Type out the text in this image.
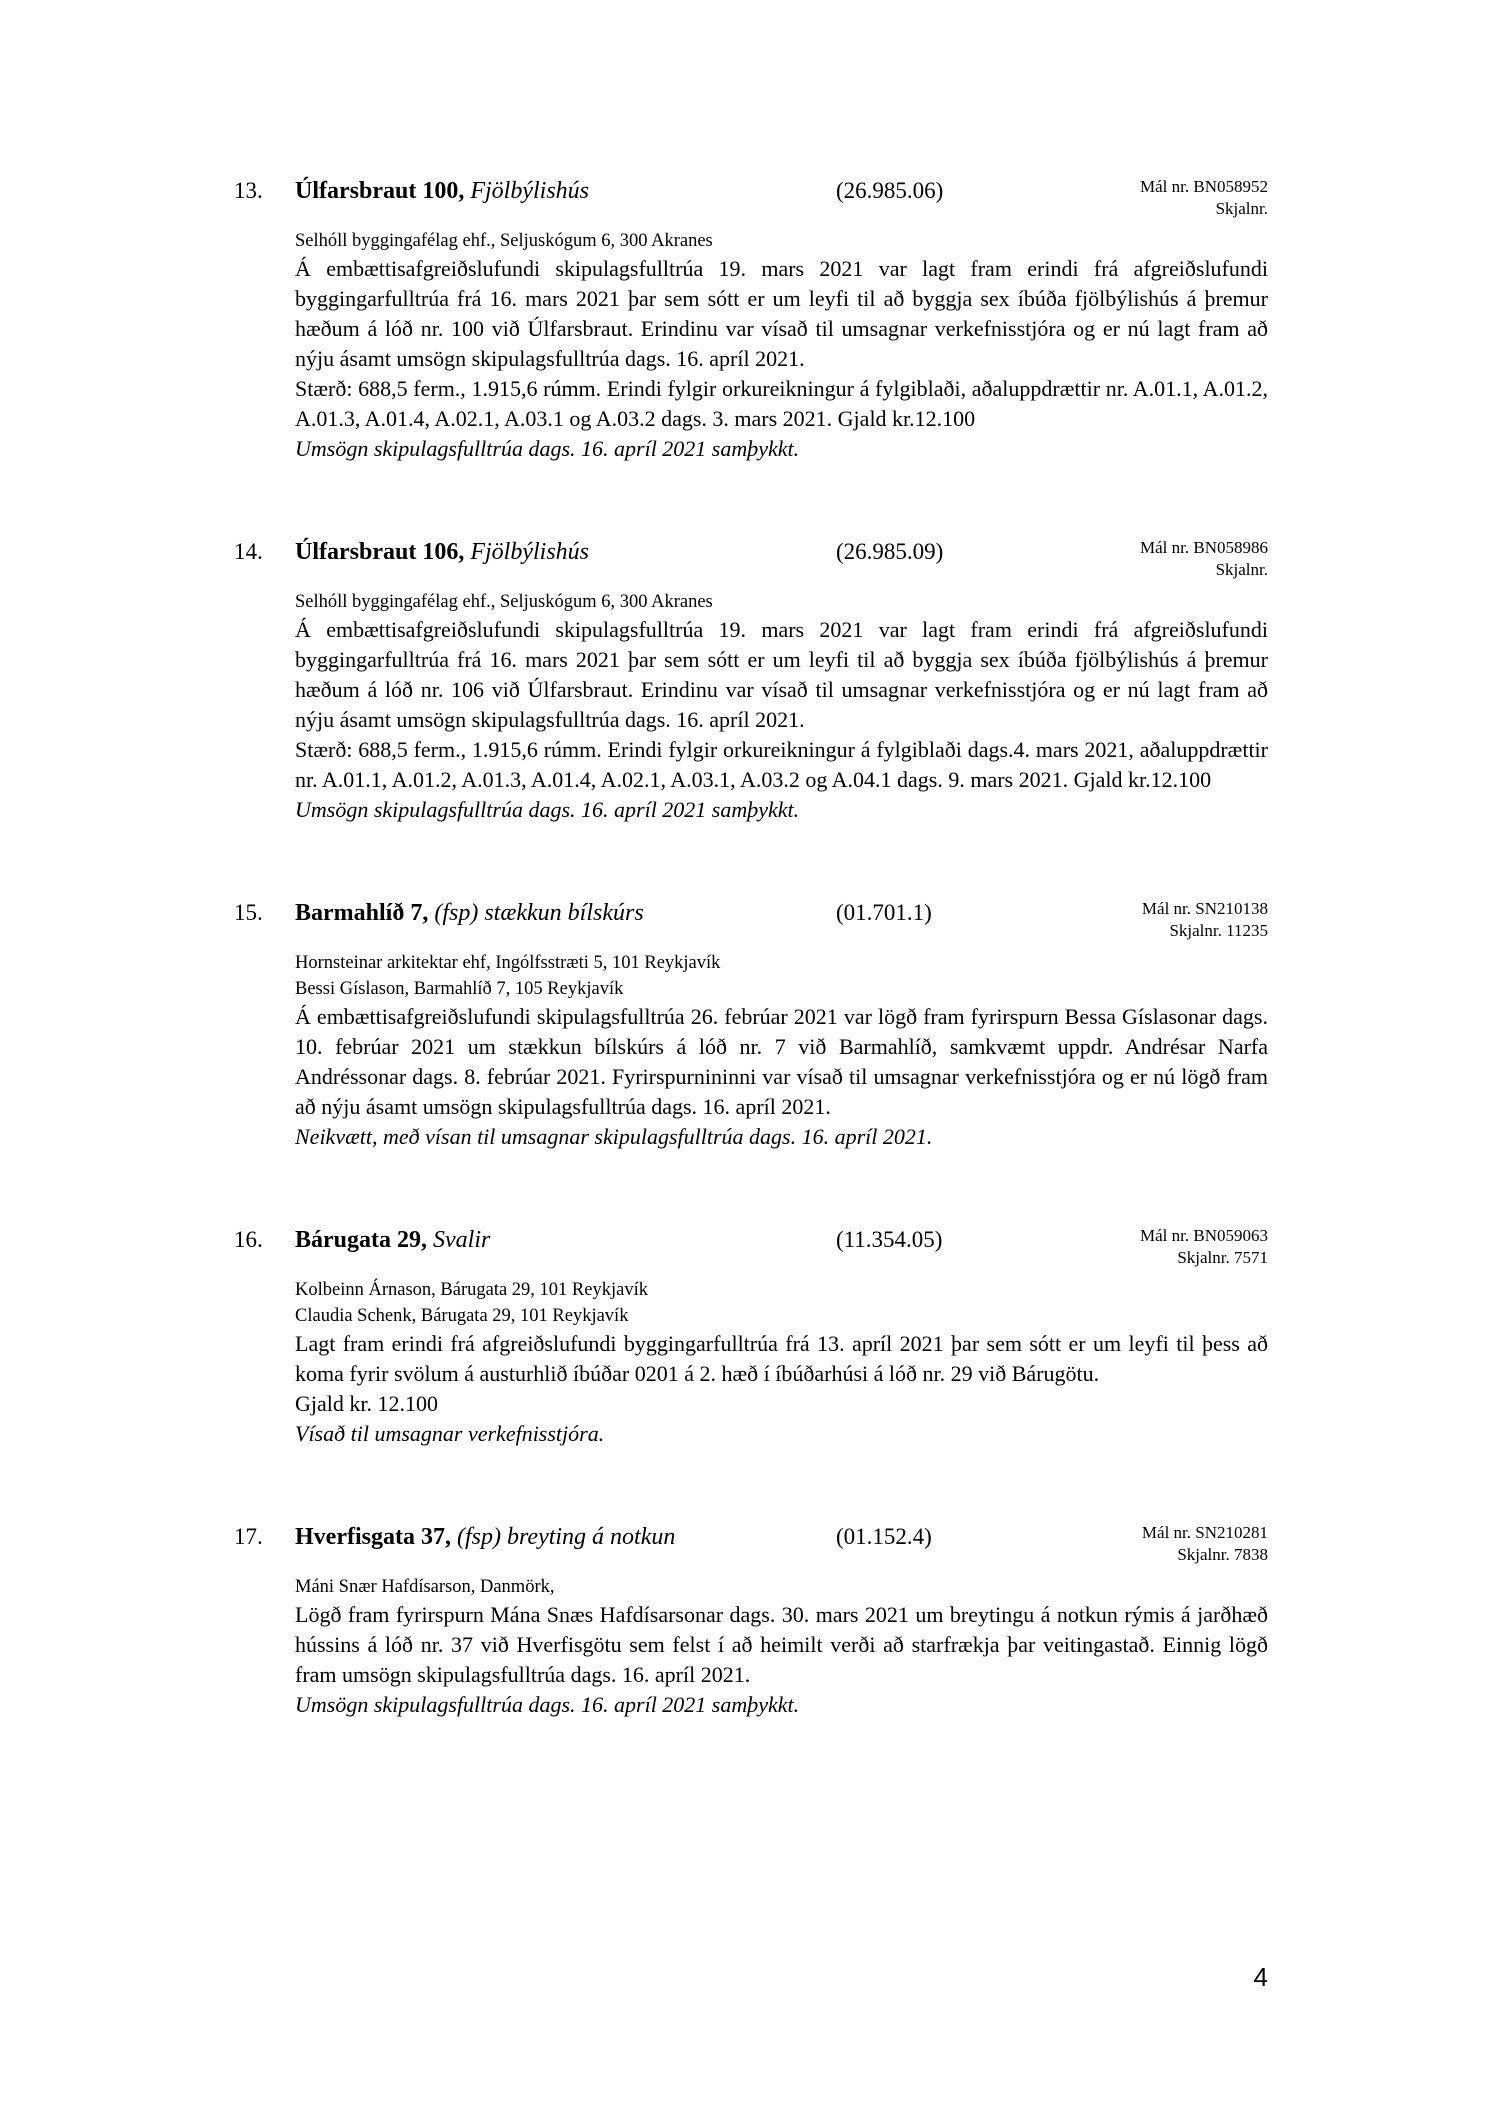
13. Úlfarsbraut 100, Fjölbýlishús	(26.985.06)	Mál nr. BN058952
Skjalnr.
Selhóll byggingafélag ehf., Seljuskógum 6, 300 Akranes

Á embættisafgreiðslufundi skipulagsfulltrúa 19. mars 2021 var lagt fram erindi frá afgreiðslufundi byggingarfulltrúa frá 16. mars 2021 þar sem sótt er um leyfi til að byggja sex íbúða fjölbýlishús á þremur hæðum á lóð nr. 100 við Úlfarsbraut. Erindinu var vísað til umsagnar verkefnisstjóra og er nú lagt fram að nýju ásamt umsögn skipulagsfulltrúa dags. 16. apríl 2021.

Stærð: 688,5 ferm., 1.915,6 rúmm. Erindi fylgir orkureikningur á fylgiblaði, aðaluppdrættir nr. A.01.1, A.01.2, A.01.3, A.01.4, A.02.1, A.03.1 og A.03.2 dags. 3. mars 2021. Gjald kr.12.100

Umsögn skipulagsfulltrúa dags. 16. apríl 2021 samþykkt.

14. Úlfarsbraut 106, Fjölbýlishús	(26.985.09)	Mál nr. BN058986
Skjalnr.
Selhóll byggingafélag ehf., Seljuskógum 6, 300 Akranes

Á embættisafgreiðslufundi skipulagsfulltrúa 19. mars 2021 var lagt fram erindi frá afgreiðslufundi byggingarfulltrúa frá 16. mars 2021 þar sem sótt er um leyfi til að byggja sex íbúða fjölbýlishús á þremur hæðum á lóð nr. 106 við Úlfarsbraut. Erindinu var vísað til umsagnar verkefnisstjóra og er nú lagt fram að nýju ásamt umsögn skipulagsfulltrúa dags. 16. apríl 2021.

Stærð: 688,5 ferm., 1.915,6 rúmm. Erindi fylgir orkureikningur á fylgiblaði dags.4. mars 2021, aðaluppdrættir nr. A.01.1, A.01.2, A.01.3, A.01.4, A.02.1, A.03.1, A.03.2 og A.04.1 dags. 9. mars 2021. Gjald kr.12.100

Umsögn skipulagsfulltrúa dags. 16. apríl 2021 samþykkt.

15. Barmahlíð 7, (fsp) stækkun bílskúrs	(01.701.1)	Mál nr. SN210138
Skjalnr. 11235
Hornsteinar arkitektar ehf, Ingólfsstræti 5, 101 Reykjavík
Bessi Gíslason, Barmahlíð 7, 105 Reykjavík

Á embættisafgreiðslufundi skipulagsfulltrúa 26. febrúar 2021 var lögð fram fyrirspurn Bessa Gíslasonar dags. 10. febrúar 2021 um stækkun bílskúrs á lóð nr. 7 við Barmahlíð, samkvæmt uppdr. Andrésar Narfa Andréssonar dags. 8. febrúar 2021. Fyrirspurnininni var vísað til umsagnar verkefnisstjóra og er nú lögð fram að nýju ásamt umsögn skipulagsfulltrúa dags. 16. apríl 2021.

Neikvætt, með vísan til umsagnar skipulagsfulltrúa dags. 16. apríl 2021.

16. Bárugata 29, Svalir	(11.354.05)	Mál nr. BN059063
Skjalnr. 7571
Kolbeinn Árnason, Bárugata 29, 101 Reykjavík
Claudia Schenk, Bárugata 29, 101 Reykjavík

Lagt fram erindi frá afgreiðslufundi byggingarfulltrúa frá 13. apríl 2021 þar sem sótt er um leyfi til þess að koma fyrir svölum á austurhlið íbúðar 0201 á 2. hæð í íbúðarhúsi á lóð nr. 29 við Bárugötu.

Gjald kr. 12.100

Vísað til umsagnar verkefnisstjóra.

17. Hverfisgata 37, (fsp) breyting á notkun	(01.152.4)	Mál nr. SN210281
Skjalnr. 7838
Máni Snær Hafdísarson, Danmörk,

Lögð fram fyrirspurn Mána Snæs Hafdísarsonar dags. 30. mars 2021 um breytingu á notkun rýmis á jarðhæð hússins á lóð nr. 37 við Hverfisgötu sem felst í að heimilt verði að starfrækja þar veitingastað. Einnig lögð fram umsögn skipulagsfulltrúa dags. 16. apríl 2021.

Umsögn skipulagsfulltrúa dags. 16. apríl 2021 samþykkt.

4
